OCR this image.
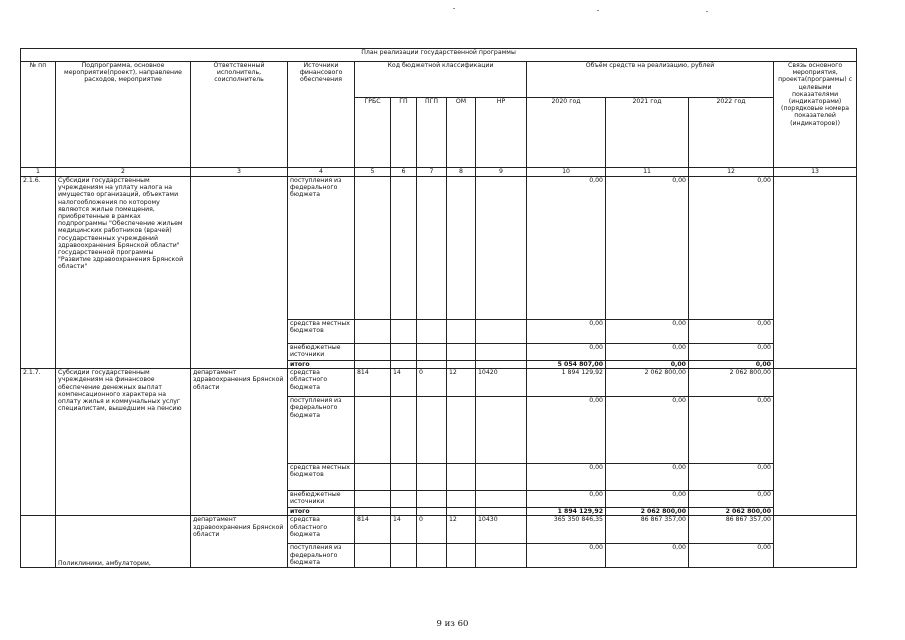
План реализации государственной программы												
№ пп	Подпрограмма, основное мероприятие(проект), направление расходов, мероприятие	Ответственный исполнитель, соисполнитель	Источники финансового обеспечения	Код бюджетной классификации					Объём средств на реализацию, рублей			Связь основного мероприятия, проекта(программы) с целевыми показателями (индикаторами) (порядковые номера показателей (индикаторов))
				ГРБС	ГП	ПГП	ОМ	НР	2020 год	2021 год	2022 год	
1	2	3	4	5	6	7	8	9	10	11	12	13
2.1.6.	Субсидии государственным учреждениям на уплату налога на имущество организаций, объектами налогообложения по которому являются жилые помещения, приобретенные в рамках подпрограммы "Обеспечение жильем медицинских работников (врачей) государственных учреждений здравоохранения Брянской области" государственной программы "Развитие здравоохранения Брянской области"		поступления из федерального бюджета						0,00	0,00	0,00	
			средства местных бюджетов						0,00	0,00	0,00	
			внебюджетные источники						0,00	0,00	0,00	
			итого						5 054 807,00	0,00	0,00	
2.1.7.	Субсидии государственным учреждениям на финансовое обеспечение денежных выплат компенсационного характера на оплату жилья и коммунальных услуг специалистам, вышедшим на пенсию	департамент здравоохранения Брянской области	средства областного бюджета	814	14	0	12	10420	1 894 129,92	2 062 800,00	2 062 800,00	
			поступления из федерального бюджета						0,00	0,00	0,00	
			средства местных бюджетов						0,00	0,00	0,00	
			внебюджетные источники						0,00	0,00	0,00	
			итого						1 894 129,92	2 062 800,00	2 062 800,00	
	Поликлиники, амбулатории,	департамент здравоохранения Брянской области	средства областного бюджета	814	14	0	12	10430	365 350 846,35	86 867 357,00	86 867 357,00	
			поступления из федерального бюджета						0,00	0,00	0,00	
9 из 60
